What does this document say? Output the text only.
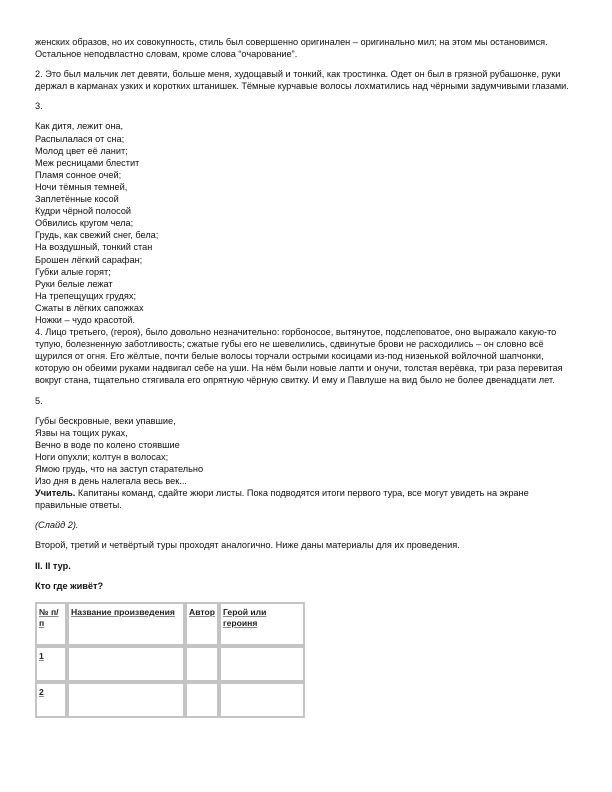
женских образов, но их совокупность, стиль был совершенно оригинален – оригинально мил; на этом мы остановимся. Остальное неподвластно словам, кроме слова “очарование”.

2. Это был мальчик лет девяти, больше меня, худощавый и тонкий, как тростинка. Одет он был в грязной рубашонке, руки держал в карманах узких и коротких штанишек. Тёмные курчавые волосы лохматились над чёрными задумчивыми глазами.

3.

Как дитя, лежит она,
Распылалася от сна;
Молод цвет её ланит;
Меж ресницами блестит
Пламя сонное очей;
Ночи тёмныя темней,
Заплетённые косой
Кудри чёрной полосой
Обвились кругом чела;
Грудь, как свежий снег, бела;
На воздушный, тонкий стан
Брошен лёгкий сарафан;
Губки алые горят;
Руки белые лежат
На трепещущих грудях;
Сжаты в лёгких сапожках
Ножки – чудо красотой.

4. Лицо третьего, (героя), было довольно незначительно: горбоносое, вытянутое, подслеповатое, оно выражало какую-то тупую, болезненную заботливость; сжатые губы его не шевелились, сдвинутые брови не расходились – он словно всё щурился от огня. Его жёлтые, почти белые волосы торчали острыми косицами из-под низенькой войлочной шапчонки, которую он обеими руками надвигал себе на уши. На нём были новые лапти и онучи, толстая верёвка, три раза перевитая вокруг стана, тщательно стягивала его опрятную чёрную свитку. И ему и Павлуше на вид было не более двенадцати лет.

5.

Губы бескровные, веки упавшие,
Язвы на тощих руках,
Вечно в воде по колено стоявшие
Ноги опухли; колтун в волосах;
Ямою грудь, что на заступ старательно
Изо дня в день налегала весь век...

Учитель. Капитаны команд, сдайте жюри листы. Пока подводятся итоги первого тура, все могут увидеть на экране правильные ответы.

(Слайд 2).

Второй, третий и четвёртый туры проходят аналогично. Ниже даны материалы для их проведения.

II. II тур.

Кто где живёт?

№ п/п	Название произведения	Автор	Герой или героиня

1			

2			
